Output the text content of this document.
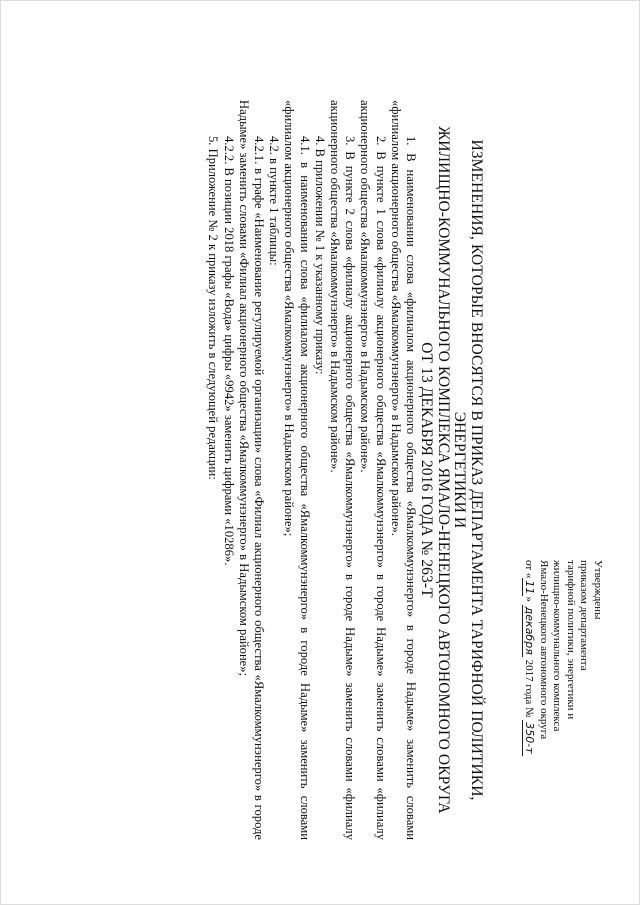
Утверждены
приказом департамента
тарифной политики, энергетики и
жилищно-коммунального комплекса
Ямало-Ненецкого автономного округа
от «11» декабря 2017 года № 350-т
ИЗМЕНЕНИЯ, КОТОРЫЕ ВНОСЯТСЯ В ПРИКАЗ ДЕПАРТАМЕНТА ТАРИФНОЙ ПОЛИТИКИ, ЭНЕРГЕТИКИ И
ЖИЛИЩНО-КОММУНАЛЬНОГО КОМПЛЕКСА ЯМАЛО-НЕНЕЦКОГО АВТОНОМНОГО ОКРУГА
ОТ 13 ДЕКАБРЯ 2016 ГОДА № 263-Т

1. В наименовании слова «филиалом акционерного общества «Ямалкоммунэнерго» в городе Надыме» заменить словами «филиалом акционерного общества «Ямалкоммунэнерго» в Надымском районе».

2. В пункте 1 слова «филиалу акционерного общества «Ямалкоммунэнерго» в городе Надыме» заменить словами «филиалу акционерного общества «Ямалкоммунэнерго» в Надымском районе».

3. В пункте 2 слова «филиалу акционерного общества «Ямалкоммунэнерго» в городе Надыме» заменить словами «филиалу акционерного общества «Ямалкоммунэнерго» в Надымском районе».

4. В приложении № 1 к указанному приказу:

4.1. в наименовании слова «филиалом акционерного общества «Ямалкоммунэнерго» в городе Надыме» заменить словами «филиалом акционерного общества «Ямалкоммунэнерго» в Надымском районе»;

4.2. в пункте 1 таблицы:

4.2.1. в графе «Наименование регулируемой организации» слова «Филиал акционерного общества «Ямалкоммунэнерго» в городе Надыме» заменить словами «Филиал акционерного общества «Ямалкоммунэнерго» в Надымском районе»;

4.2.2. В позиции 2018 графы «Вода» цифры «9942» заменить цифрами «10286».

5. Приложение № 2 к приказу изложить в следующей редакции:
